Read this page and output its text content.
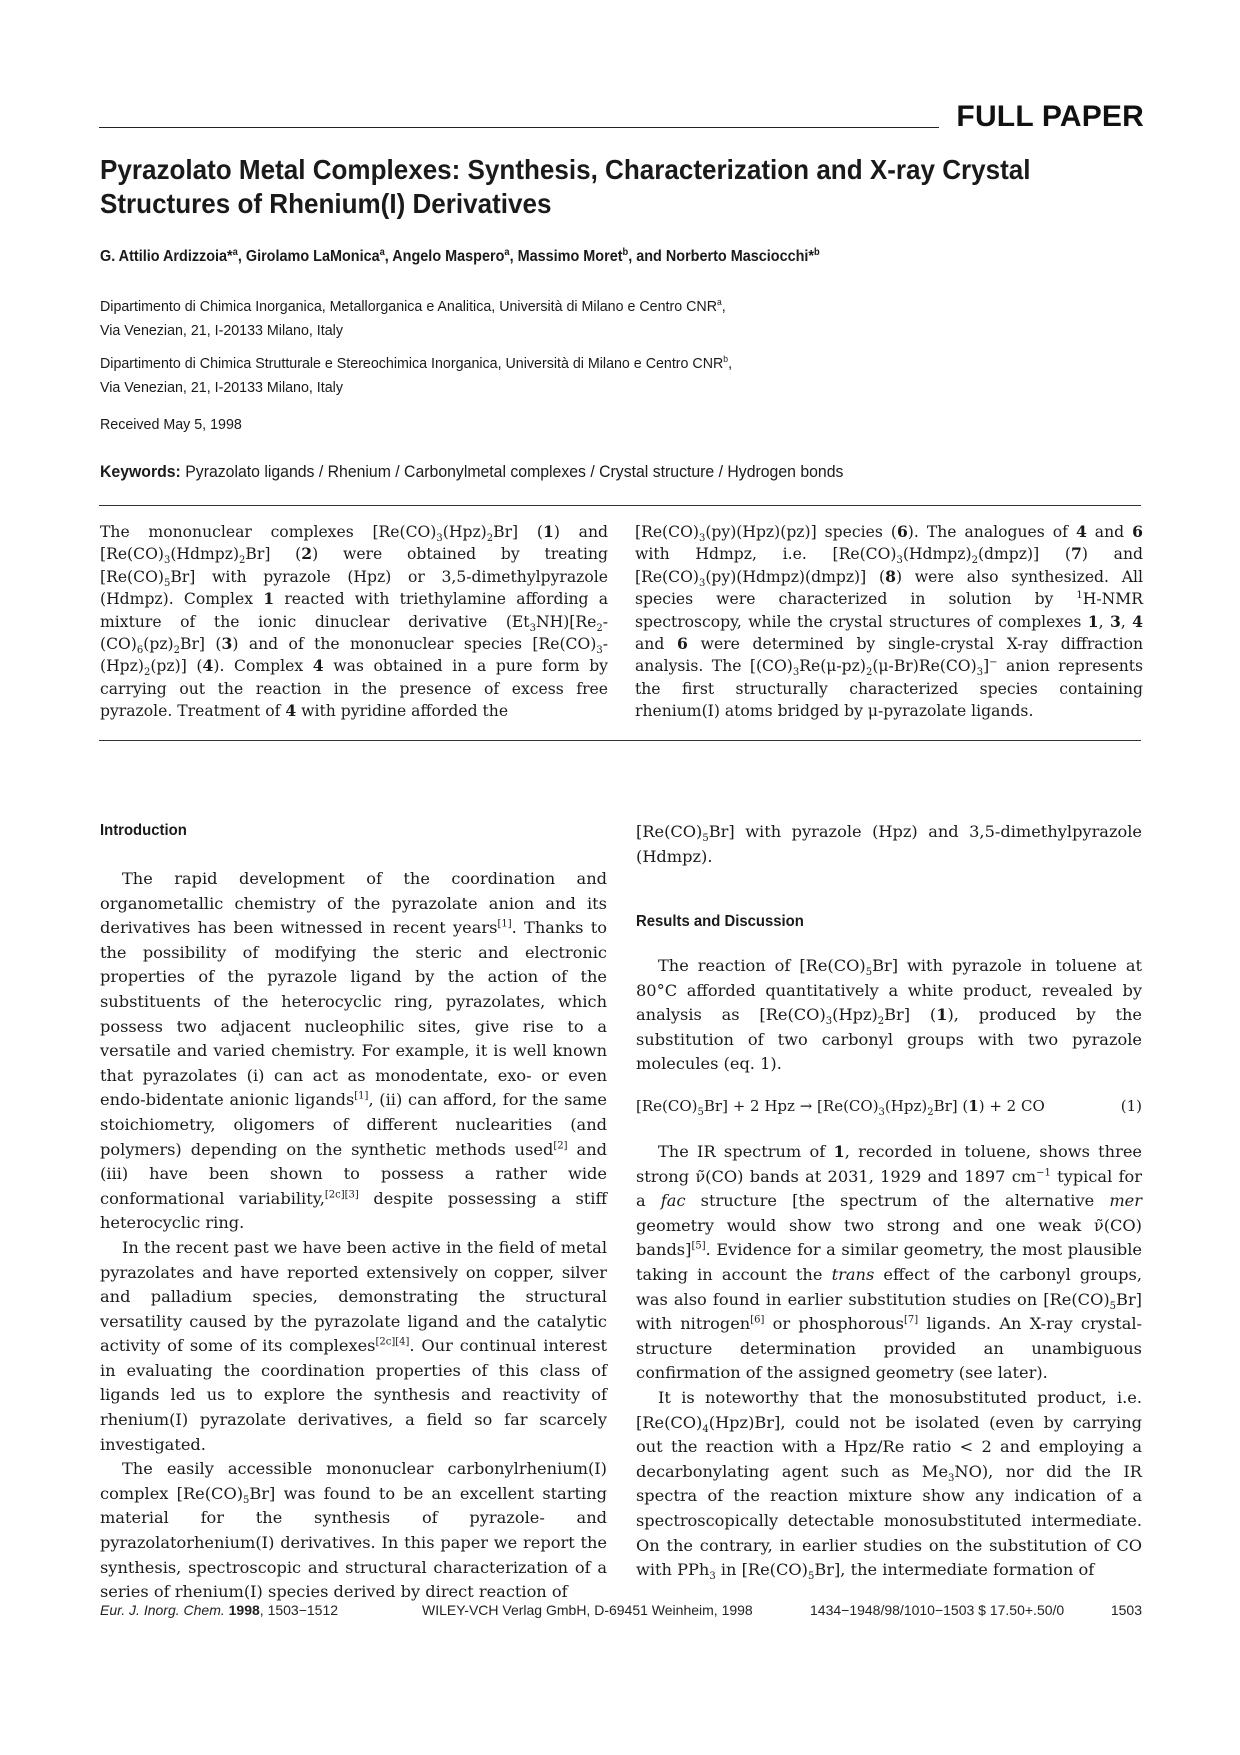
FULL PAPER
Pyrazolato Metal Complexes: Synthesis, Characterization and X-ray Crystal Structures of Rhenium(I) Derivatives

G. Attilio Ardizzoia*$^a$, Girolamo LaMonica$^a$, Angelo Maspero$^a$, Massimo Moret$^b$, and Norberto Masciocchi*$^b$

Dipartimento di Chimica Inorganica, Metallorganica e Analitica, Università di Milano e Centro CNR$^a$,
Via Venezian, 21, I-20133 Milano, Italy

Dipartimento di Chimica Strutturale e Stereochimica Inorganica, Università di Milano e Centro CNR$^b$,
Via Venezian, 21, I-20133 Milano, Italy

Received May 5, 1998

Keywords: Pyrazolato ligands / Rhenium / Carbonylmetal complexes / Crystal structure / Hydrogen bonds

The mononuclear complexes $[Re(CO)_3(Hpz)_2Br]$ (1) and $[Re(CO)_3(Hdmpz)_2Br]$ (2) were obtained by treating $[Re(CO)_5Br]$ with pyrazole (Hpz) or 3,5-dimethylpyrazole (Hdmpz). Complex 1 reacted with triethylamine affording a mixture of the ionic dinuclear derivative $(Et_3NH)[Re_2-(CO)_6(pz)_2Br]$ (3) and of the mononuclear species $[Re(CO)_3-(Hpz)_2(pz)]$ (4). Complex 4 was obtained in a pure form by carrying out the reaction in the presence of excess free pyrazole. Treatment of 4 with pyridine afforded the
$[Re(CO)_3(py)(Hpz)(pz)]$ species (6). The analogues of 4 and 6 with Hdmpz, i.e. $[Re(CO)_3(Hdmpz)_2(dmpz)]$ (7) and $[Re(CO)_3(py)(Hdmpz)(dmpz)]$ (8) were also synthesized. All species were characterized in solution by $^1$H-NMR spectroscopy, while the crystal structures of complexes 1, 3, 4 and 6 were determined by single-crystal X-ray diffraction analysis. The $[(CO)_3Re(\mu-pz)_2(\mu-Br)Re(CO)_3]^-$ anion represents the first structurally characterized species containing rhenium(I) atoms bridged by μ-pyrazolate ligands.
Introduction

The rapid development of the coordination and organometallic chemistry of the pyrazolate anion and its derivatives has been witnessed in recent years[1]. Thanks to the possibility of modifying the steric and electronic properties of the pyrazole ligand by the action of the substituents of the heterocyclic ring, pyrazolates, which possess two adjacent nucleophilic sites, give rise to a versatile and varied chemistry. For example, it is well known that pyrazolates (i) can act as monodentate, exo- or even endo-bidentate anionic ligands[1], (ii) can afford, for the same stoichiometry, oligomers of different nuclearities (and polymers) depending on the synthetic methods used[2] and (iii) have been shown to possess a rather wide conformational variability,[2c][3] despite possessing a stiff heterocyclic ring.

In the recent past we have been active in the field of metal pyrazolates and have reported extensively on copper, silver and palladium species, demonstrating the structural versatility caused by the pyrazolate ligand and the catalytic activity of some of its complexes[2c][4]. Our continual interest in evaluating the coordination properties of this class of ligands led us to explore the synthesis and reactivity of rhenium(I) pyrazolate derivatives, a field so far scarcely investigated.

The easily accessible mononuclear carbonylrhenium(I) complex $[Re(CO)_5Br]$ was found to be an excellent starting material for the synthesis of pyrazole- and pyrazolatorhenium(I) derivatives. In this paper we report the synthesis, spectroscopic and structural characterization of a series of rhenium(I) species derived by direct reaction of

$[Re(CO)_5Br]$ with pyrazole (Hpz) and 3,5-dimethylpyrazole (Hdmpz).

Results and Discussion

The reaction of $[Re(CO)_5Br]$ with pyrazole in toluene at 80°C afforded quantitatively a white product, revealed by analysis as $[Re(CO)_3(Hpz)_2Br]$ (1), produced by the substitution of two carbonyl groups with two pyrazole molecules (eq. 1).

$[Re(CO)_5Br] + 2$ Hpz → $[Re(CO)_3(Hpz)_2Br] (1) + 2$ CO	(1)

The IR spectrum of 1, recorded in toluene, shows three strong ν̃(CO) bands at 2031, 1929 and 1897 $cm^{-1}$ typical for a fac structure [the spectrum of the alternative mer geometry would show two strong and one weak ν̃(CO) bands][5]. Evidence for a similar geometry, the most plausible taking in account the trans effect of the carbonyl groups, was also found in earlier substitution studies on $[Re(CO)_5Br]$ with nitrogen[6] or phosphorous[7] ligands. An X-ray crystal-structure determination provided an unambiguous confirmation of the assigned geometry (see later).

It is noteworthy that the monosubstituted product, i.e. $[Re(CO)_4(Hpz)Br]$, could not be isolated (even by carrying out the reaction with a Hpz/Re ratio < 2 and employing a decarbonylating agent such as $Me_3NO$), nor did the IR spectra of the reaction mixture show any indication of a spectroscopically detectable monosubstituted intermediate. On the contrary, in earlier studies on the substitution of CO with PPh$_3$ in $[Re(CO)_5Br]$, the intermediate formation of

Eur. J. Inorg. Chem. 1998, 1503−1512	WILEY-VCH Verlag GmbH, D-69451 Weinheim, 1998	1434−1948/98/1010−1503 $ 17.50+.50/0	1503
